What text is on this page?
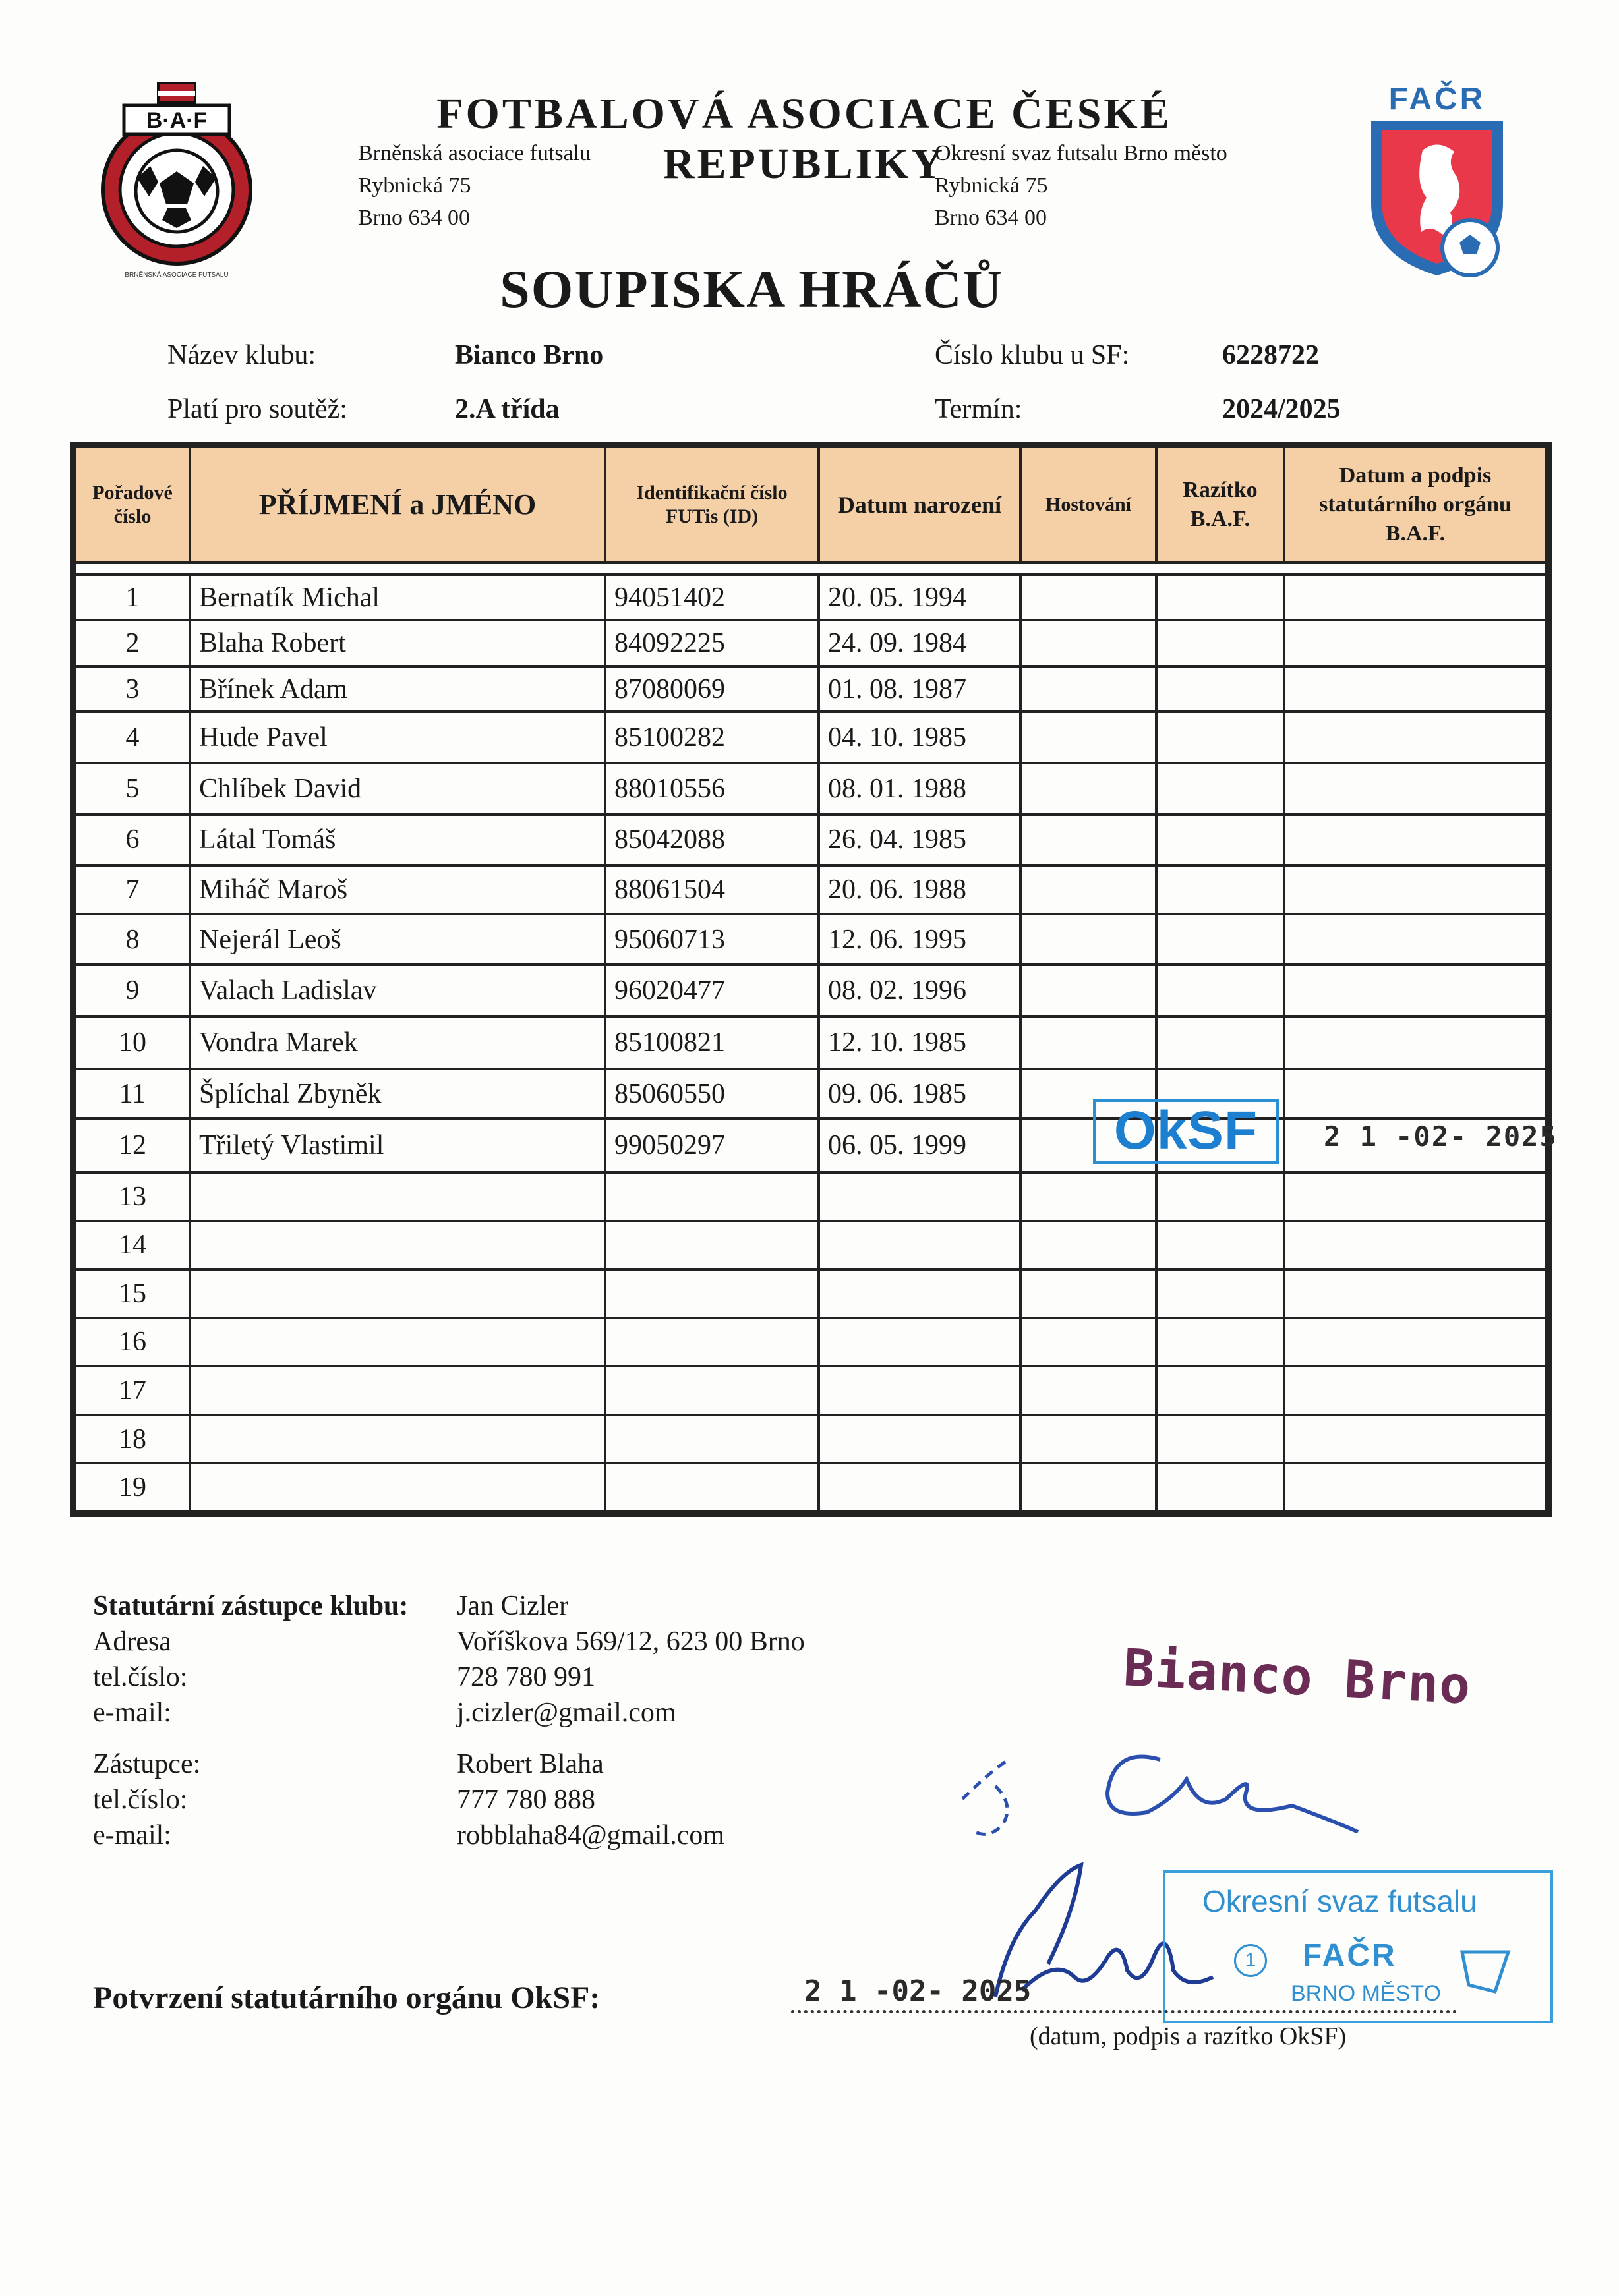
B·A·F
BRNĚNSKÁ ASOCIACE FUTSALU
FAČR
FOTBALOVÁ ASOCIACE ČESKÉ REPUBLIKY
Brněnská asociace futsalu
Rybnická 75
Brno 634 00
Okresní svaz futsalu Brno město
Rybnická 75
Brno 634 00
SOUPISKA HRÁČŮ
Název klubu:	Bianco Brno	Číslo klubu u SF:	6228722
Platí pro soutěž:	2.A třída	Termín:	2024/2025
Pořadové číslo	PŘÍJMENÍ a JMÉNO	Identifikační číslo FUTis (ID)	Datum narození	Hostování	Razítko B.A.F.	Datum a podpis statutárního orgánu B.A.F.

1	Bernatík Michal	94051402	20. 05. 1994			
2	Blaha Robert	84092225	24. 09. 1984			
3	Břínek Adam	87080069	01. 08. 1987			
4	Hude Pavel	85100282	04. 10. 1985			
5	Chlíbek David	88010556	08. 01. 1988			
6	Látal Tomáš	85042088	26. 04. 1985			
7	Miháč Maroš	88061504	20. 06. 1988			
8	Nejerál Leoš	95060713	12. 06. 1995			
9	Valach Ladislav	96020477	08. 02. 1996			
10	Vondra Marek	85100821	12. 10. 1985			
11	Šplíchal Zbyněk	85060550	09. 06. 1985			
12	Třiletý Vlastimil	99050297	06. 05. 1999			
13						
14						
15						
16						
17						
18						
19						
OkSF	2 1 -02- 2025
Statutární zástupce klubu:	Jan Cizler
Adresa	Voříškova 569/12, 623 00 Brno
tel.číslo:	728 780 991
e-mail:	j.cizler@gmail.com
Zástupce:	Robert Blaha
tel.číslo:	777 780 888
e-mail:	robblaha84@gmail.com
Bianco Brno
Okresní svaz futsalu
1	FAČR
BRNO MĚSTO
Potvrzení statutárního orgánu OkSF:	2 1 -02- 2025
(datum, podpis a razítko OkSF)
